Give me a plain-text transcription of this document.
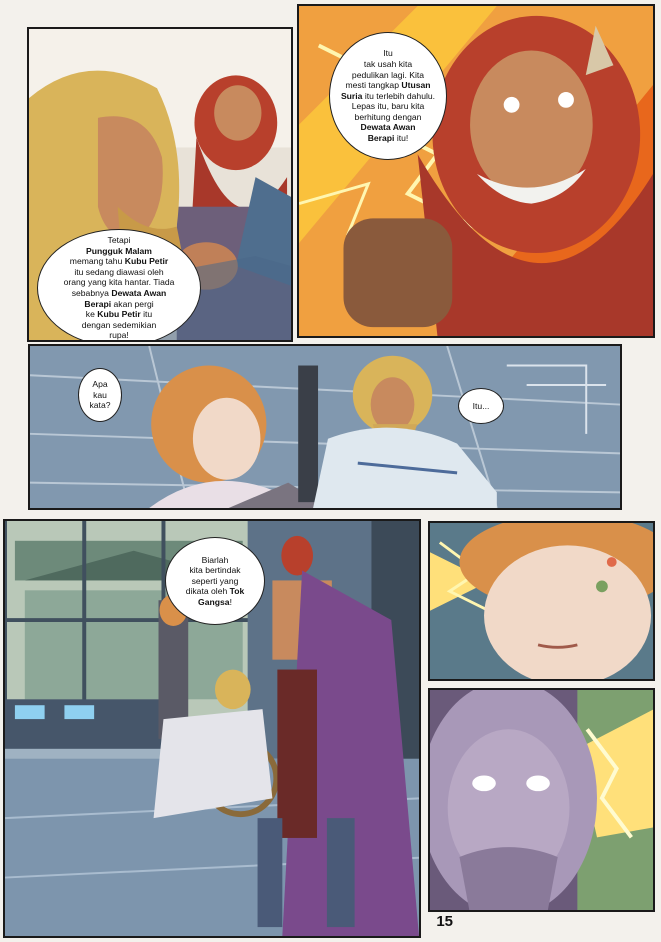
Tetapi
Pungguk Malam
memang tahu Kubu Petir
itu sedang diawasi oleh
orang yang kita hantar. Tiada
sebabnya Dewata Awan
Berapi akan pergi
ke Kubu Petir itu
dengan sedemikian
rupa!
Itu
tak usah kita
pedulikan lagi. Kita
mesti tangkap Utusan
Suria itu terlebih dahulu.
Lepas itu, baru kita
berhitung dengan
Dewata Awan
Berapi itu!
Apa
kau
kata?	Itu...
Biarlah
kita bertindak
seperti yang
dikata oleh Tok
Gangsa!
15
